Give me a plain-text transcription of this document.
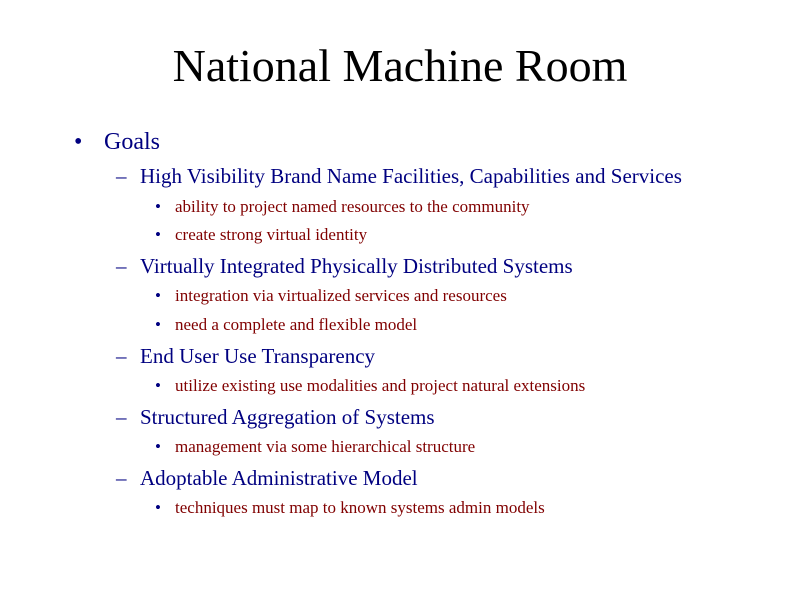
National Machine Room
• Goals
– High Visibility Brand Name Facilities, Capabilities and Services
• ability to project named resources to the community
• create strong virtual identity
– Virtually Integrated Physically Distributed Systems
• integration via virtualized services and resources
• need a complete and flexible model
– End User Use Transparency
• utilize existing use modalities and project natural extensions
– Structured Aggregation of Systems
• management via some hierarchical structure
– Adoptable Administrative Model
• techniques must map to known systems admin models
